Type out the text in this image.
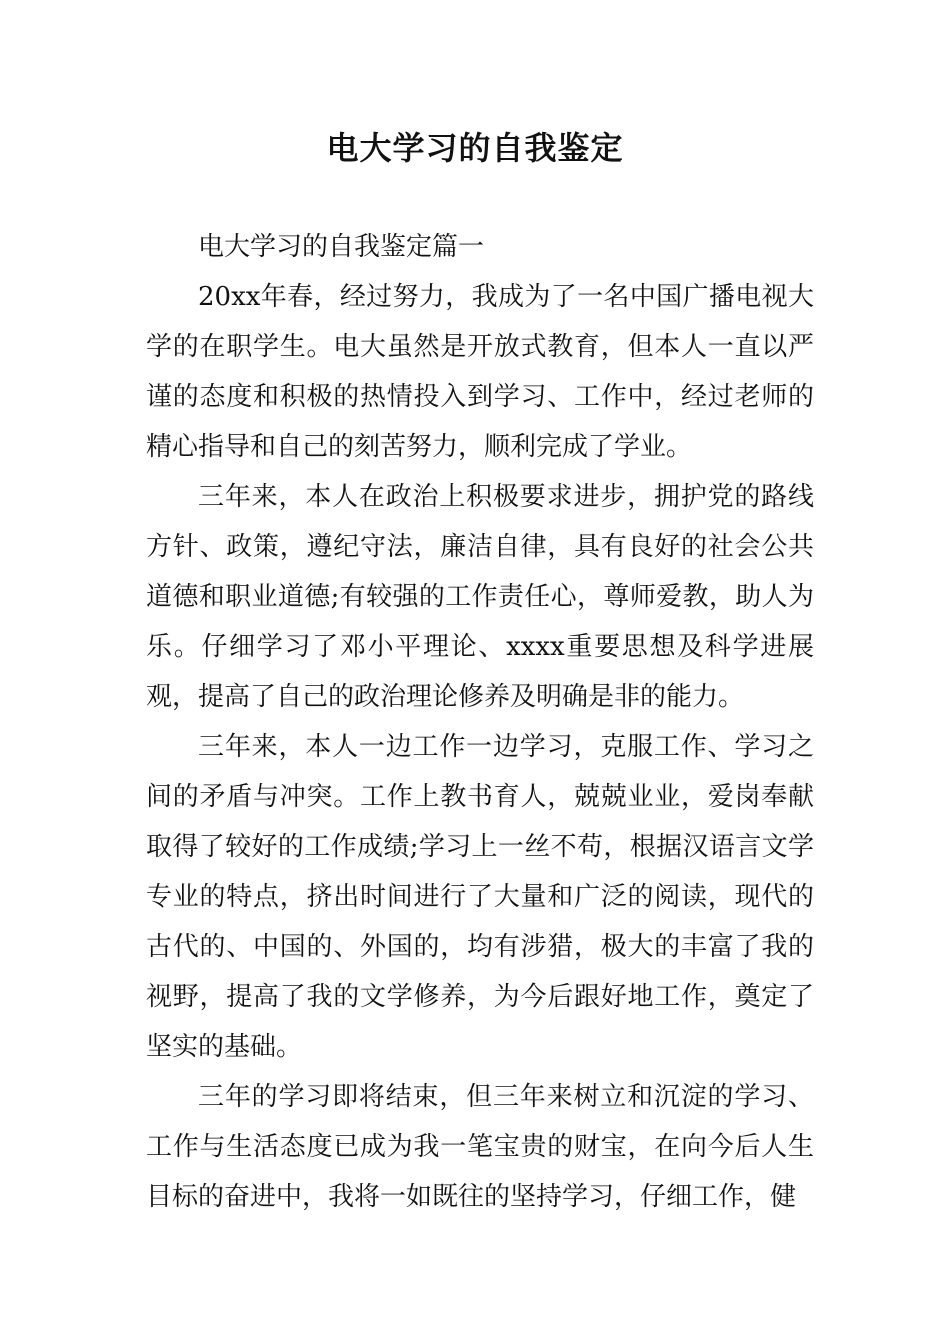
电大学习的自我鉴定

电大学习的自我鉴定篇一

20xx年春，经过努力，我成为了一名中国广播电视大学的在职学生。电大虽然是开放式教育，但本人一直以严谨的态度和积极的热情投入到学习、工作中，经过老师的精心指导和自己的刻苦努力，顺利完成了学业。

三年来，本人在政治上积极要求进步，拥护党的路线方针、政策，遵纪守法，廉洁自律，具有良好的社会公共道德和职业道德;有较强的工作责任心，尊师爱教，助人为乐。仔细学习了邓小平理论、xxxx重要思想及科学进展观，提高了自己的政治理论修养及明确是非的能力。

三年来，本人一边工作一边学习，克服工作、学习之间的矛盾与冲突。工作上教书育人，兢兢业业，爱岗奉献取得了较好的工作成绩;学习上一丝不苟，根据汉语言文学专业的特点，挤出时间进行了大量和广泛的阅读，现代的古代的、中国的、外国的，均有涉猎，极大的丰富了我的视野，提高了我的文学修养，为今后跟好地工作，奠定了坚实的基础。

三年的学习即将结束，但三年来树立和沉淀的学习、工作与生活态度已成为我一笔宝贵的财宝，在向今后人生目标的奋进中，我将一如既往的坚持学习，仔细工作，健
